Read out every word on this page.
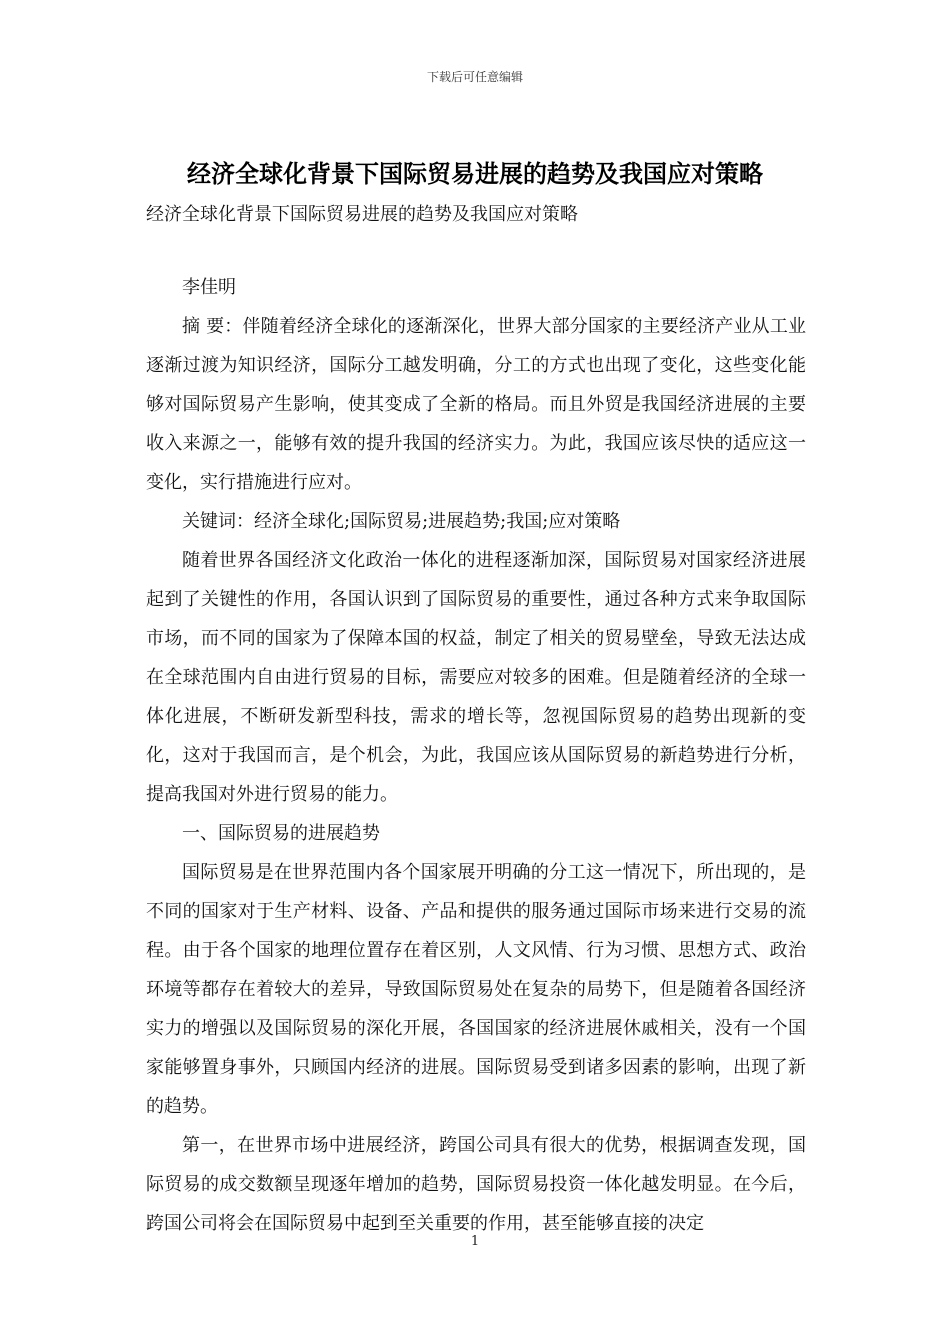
下载后可任意编辑
经济全球化背景下国际贸易进展的趋势及我国应对策略
经济全球化背景下国际贸易进展的趋势及我国应对策略

李佳明

摘 要：伴随着经济全球化的逐渐深化，世界大部分国家的主要经济产业从工业逐渐过渡为知识经济，国际分工越发明确，分工的方式也出现了变化，这些变化能够对国际贸易产生影响，使其变成了全新的格局。而且外贸是我国经济进展的主要收入来源之一，能够有效的提升我国的经济实力。为此，我国应该尽快的适应这一变化，实行措施进行应对。

关键词：经济全球化;国际贸易;进展趋势;我国;应对策略

随着世界各国经济文化政治一体化的进程逐渐加深，国际贸易对国家经济进展起到了关键性的作用，各国认识到了国际贸易的重要性，通过各种方式来争取国际市场，而不同的国家为了保障本国的权益，制定了相关的贸易壁垒，导致无法达成在全球范围内自由进行贸易的目标，需要应对较多的困难。但是随着经济的全球一体化进展，不断研发新型科技，需求的增长等，忽视国际贸易的趋势出现新的变化，这对于我国而言，是个机会，为此，我国应该从国际贸易的新趋势进行分析，提高我国对外进行贸易的能力。

一、国际贸易的进展趋势

国际贸易是在世界范围内各个国家展开明确的分工这一情况下，所出现的，是不同的国家对于生产材料、设备、产品和提供的服务通过国际市场来进行交易的流程。由于各个国家的地理位置存在着区别，人文风情、行为习惯、思想方式、政治环境等都存在着较大的差异，导致国际贸易处在复杂的局势下，但是随着各国经济实力的增强以及国际贸易的深化开展，各国国家的经济进展休戚相关，没有一个国家能够置身事外，只顾国内经济的进展。国际贸易受到诸多因素的影响，出现了新的趋势。

第一，在世界市场中进展经济，跨国公司具有很大的优势，根据调查发现，国际贸易的成交数额呈现逐年增加的趋势，国际贸易投资一体化越发明显。在今后，跨国公司将会在国际贸易中起到至关重要的作用，甚至能够直接的决定

1
